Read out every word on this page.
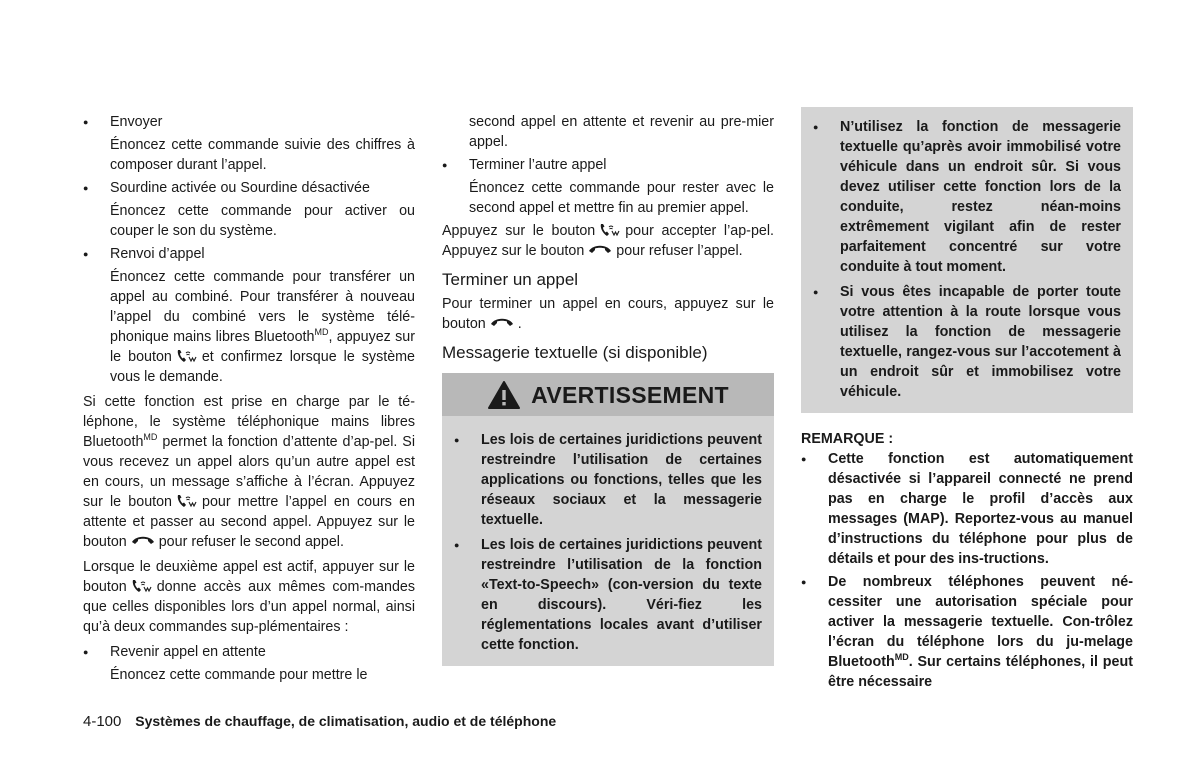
● Envoyer

Énoncez cette commande suivie des chiffres à composer durant l’appel.

● Sourdine activée ou Sourdine désactivée

Énoncez cette commande pour activer ou couper le son du système.

● Renvoi d’appel

Énoncez cette commande pour transférer un appel au combiné. Pour transférer à nouveau l’appel du combiné vers le système télé-phonique mains libres Bluetooth$^{MD}$, appuyez sur le bouton et confirmez lorsque le système vous le demande.

Si cette fonction est prise en charge par le té-léphone, le système téléphonique mains libres Bluetooth$^{MD}$ permet la fonction d’attente d’ap-pel. Si vous recevez un appel alors qu’un autre appel est en cours, un message s’affiche à l’écran. Appuyez sur le bouton pour mettre l’appel en cours en attente et passer au second appel. Appuyez sur le bouton pour refuser le second appel.

Lorsque le deuxième appel est actif, appuyer sur le bouton donne accès aux mêmes com-mandes que celles disponibles lors d’un appel normal, ainsi qu’à deux commandes sup-plémentaires :

● Revenir appel en attente

Énoncez cette commande pour mettre le

second appel en attente et revenir au pre-mier appel.

● Terminer l’autre appel

Énoncez cette commande pour rester avec le second appel et mettre fin au premier appel.

Appuyez sur le bouton pour accepter l’ap-pel. Appuyez sur le bouton pour refuser l’appel.

Terminer un appel

Pour terminer un appel en cours, appuyez sur le bouton .

Messagerie textuelle (si disponible)

AVERTISSEMENT

● Les lois de certaines juridictions peuvent restreindre l’utilisation de certaines applications ou fonctions, telles que les réseaux sociaux et la messagerie textuelle.

● Les lois de certaines juridictions peuvent restreindre l’utilisation de la fonction «Text-to-Speech» (con-version du texte en discours). Véri-fiez les réglementations locales avant d’utiliser cette fonction.

● N’utilisez la fonction de messagerie textuelle qu’après avoir immobilisé votre véhicule dans un endroit sûr. Si vous devez utiliser cette fonction lors de la conduite, restez néan-moins extrêmement vigilant afin de rester parfaitement concentré sur votre conduite à tout moment.

● Si vous êtes incapable de porter toute votre attention à la route lorsque vous utilisez la fonction de messagerie textuelle, rangez-vous sur l’accotement à un endroit sûr et immobilisez votre véhicule.

REMARQUE :

● Cette fonction est automatiquement désactivée si l’appareil connecté ne prend pas en charge le profil d’accès aux messages (MAP). Reportez-vous au manuel d’instructions du téléphone pour plus de détails et pour des ins-tructions.

● De nombreux téléphones peuvent né-cessiter une autorisation spéciale pour activer la messagerie textuelle. Con-trôlez l’écran du téléphone lors du ju-melage Bluetooth$^{MD}$. Sur certains téléphones, il peut être nécessaire

4-100 Systèmes de chauffage, de climatisation, audio et de téléphone
